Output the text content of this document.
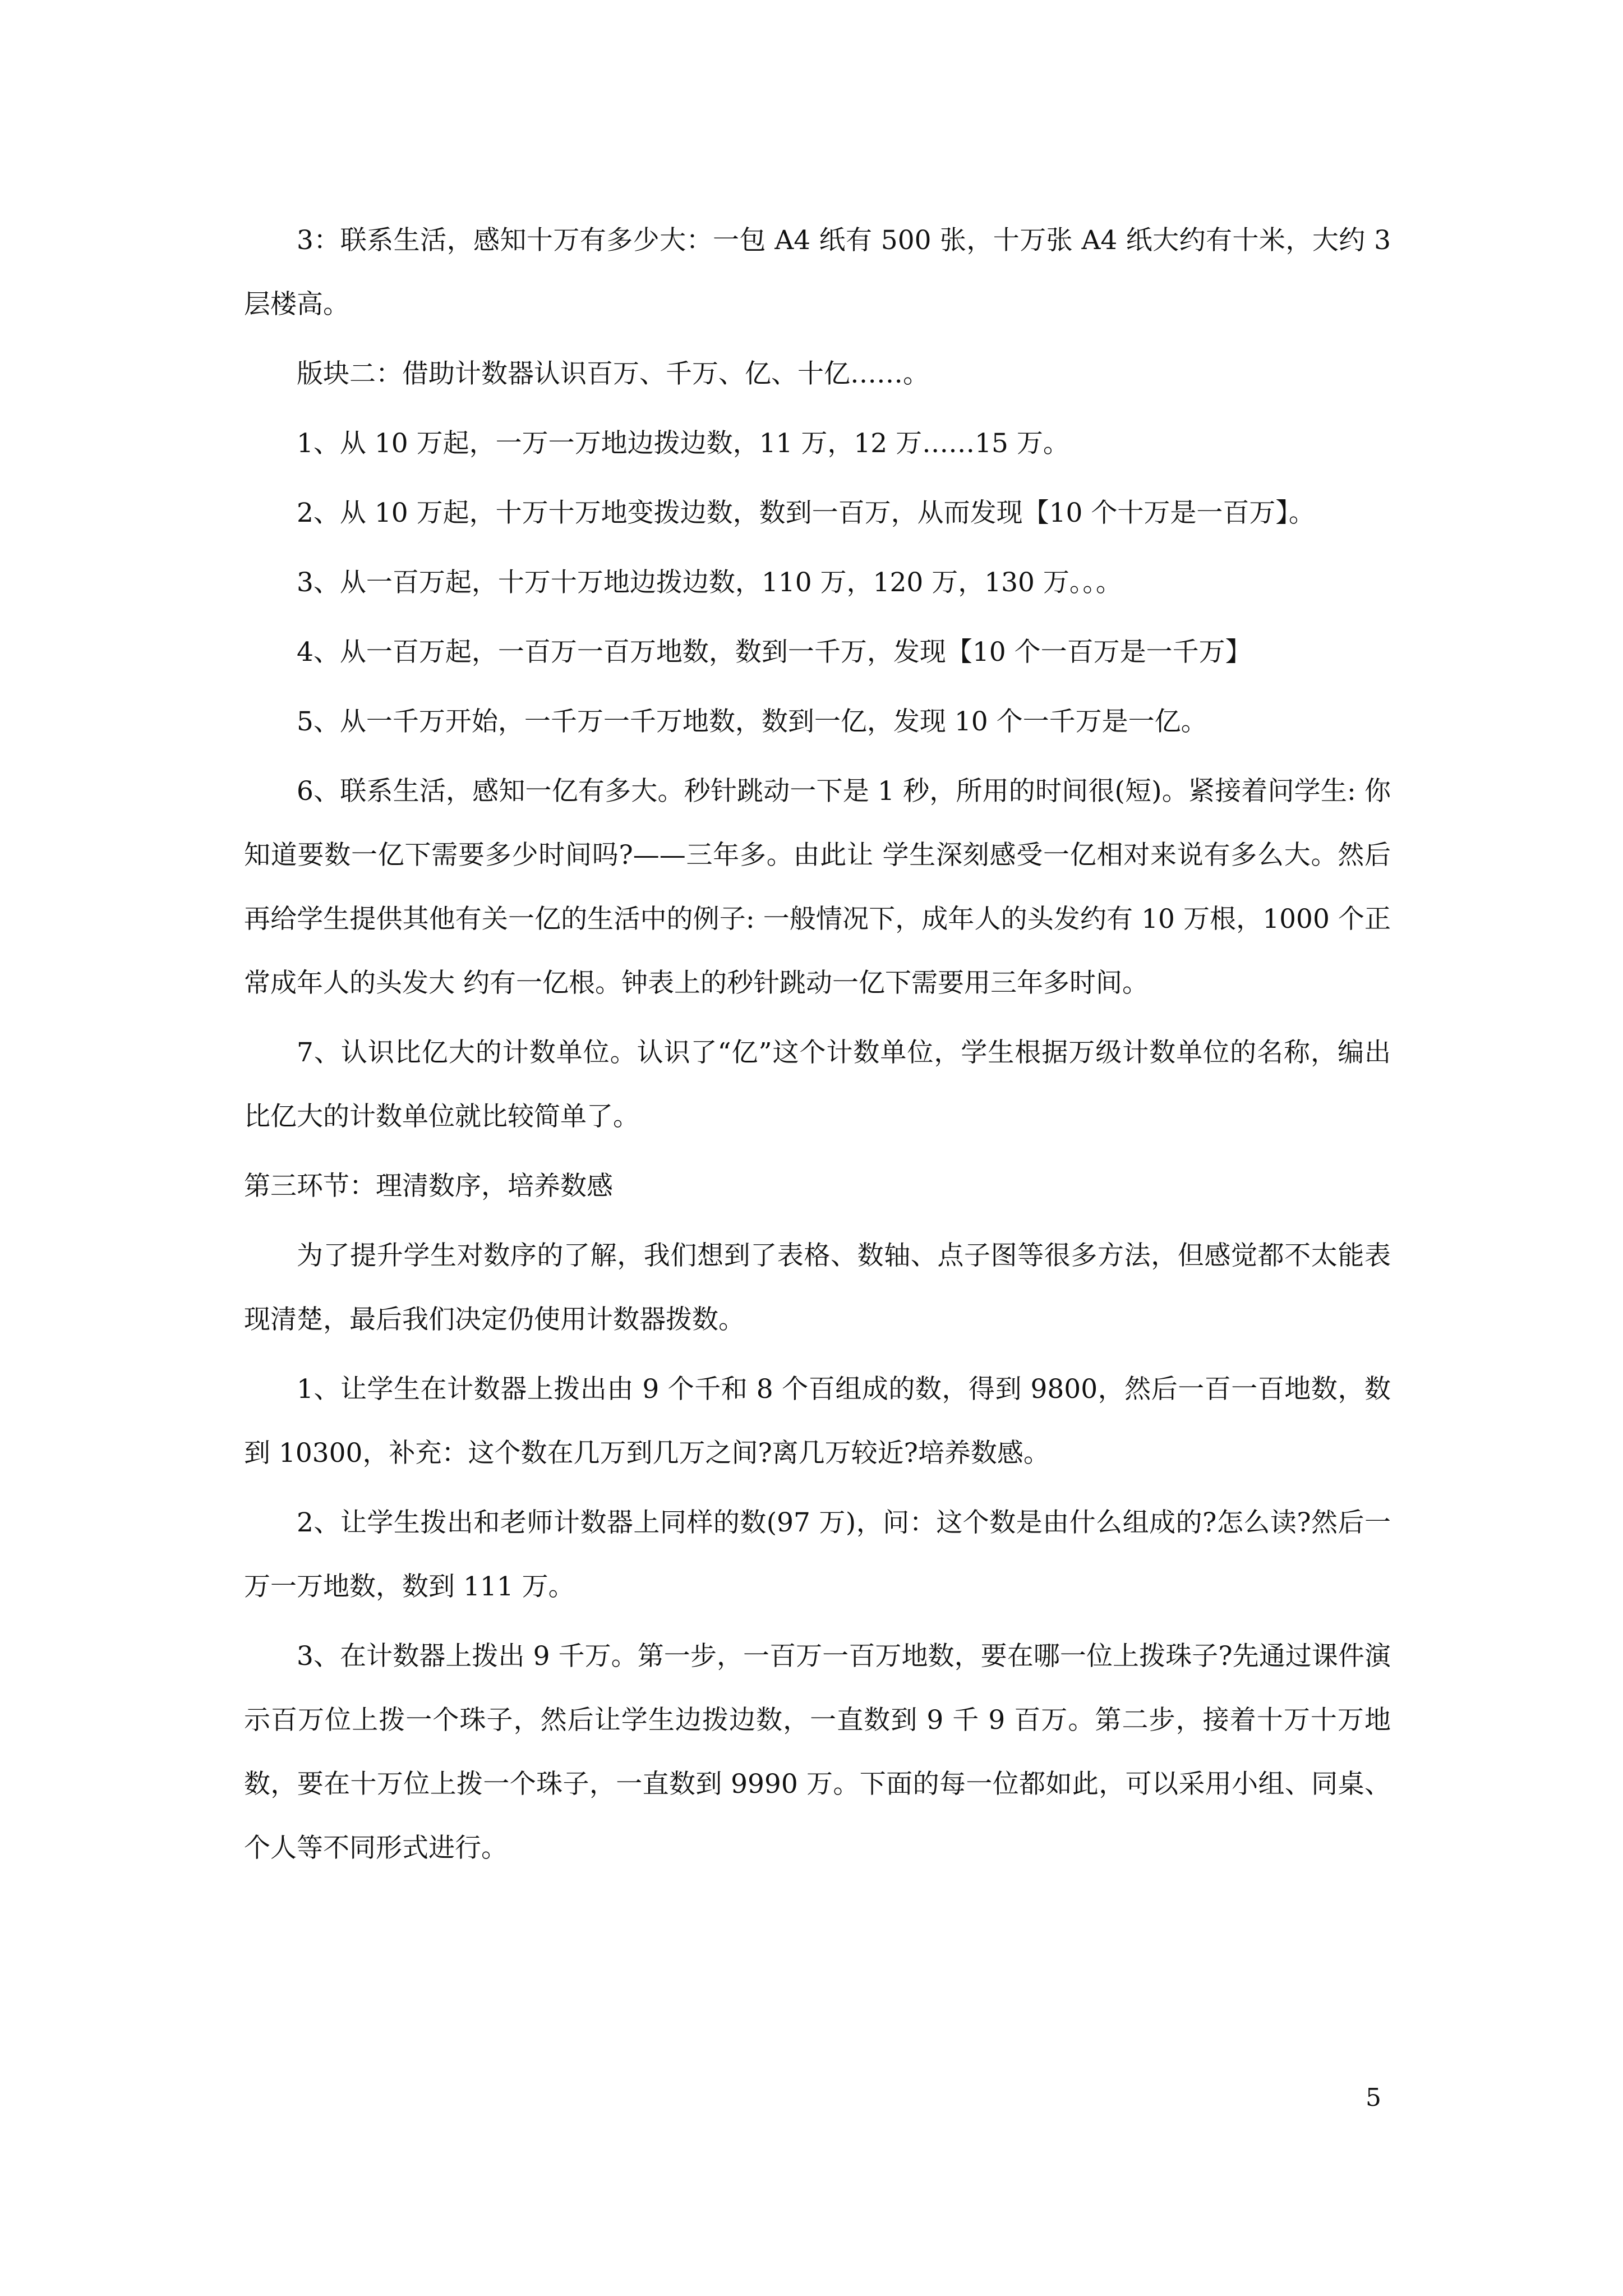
3：联系生活，感知十万有多少大：一包 A4 纸有 500 张，十万张 A4 纸大约有十米，大约 3 层楼高。

版块二：借助计数器认识百万、千万、亿、十亿……。

1、从 10 万起，一万一万地边拨边数，11 万，12 万……15 万。

2、从 10 万起，十万十万地变拨边数，数到一百万，从而发现【10 个十万是一百万】。

3、从一百万起，十万十万地边拨边数，110 万，120 万，130 万。。。

4、从一百万起，一百万一百万地数，数到一千万，发现【10 个一百万是一千万】

5、从一千万开始，一千万一千万地数，数到一亿，发现 10 个一千万是一亿。

6、联系生活，感知一亿有多大。秒针跳动一下是 1 秒，所用的时间很(短)。紧接着问学生: 你知道要数一亿下需要多少时间吗?——三年多。由此让 学生深刻感受一亿相对来说有多么大。然后再给学生提供其他有关一亿的生活中的例子: 一般情况下，成年人的头发约有 10 万根，1000 个正常成年人的头发大 约有一亿根。钟表上的秒针跳动一亿下需要用三年多时间。

7、认识比亿大的计数单位。认识了“亿”这个计数单位，学生根据万级计数单位的名称，编出比亿大的计数单位就比较简单了。

第三环节：理清数序，培养数感

为了提升学生对数序的了解，我们想到了表格、数轴、点子图等很多方法，但感觉都不太能表现清楚，最后我们决定仍使用计数器拨数。

1、让学生在计数器上拨出由 9 个千和 8 个百组成的数，得到 9800，然后一百一百地数，数到 10300，补充：这个数在几万到几万之间?离几万较近?培养数感。

2、让学生拨出和老师计数器上同样的数(97 万)，问：这个数是由什么组成的?怎么读?然后一万一万地数，数到 111 万。

3、在计数器上拨出 9 千万。第一步，一百万一百万地数，要在哪一位上拨珠子?先通过课件演示百万位上拨一个珠子，然后让学生边拨边数，一直数到 9 千 9 百万。第二步，接着十万十万地数，要在十万位上拨一个珠子，一直数到 9990 万。下面的每一位都如此，可以采用小组、同桌、个人等不同形式进行。

5
